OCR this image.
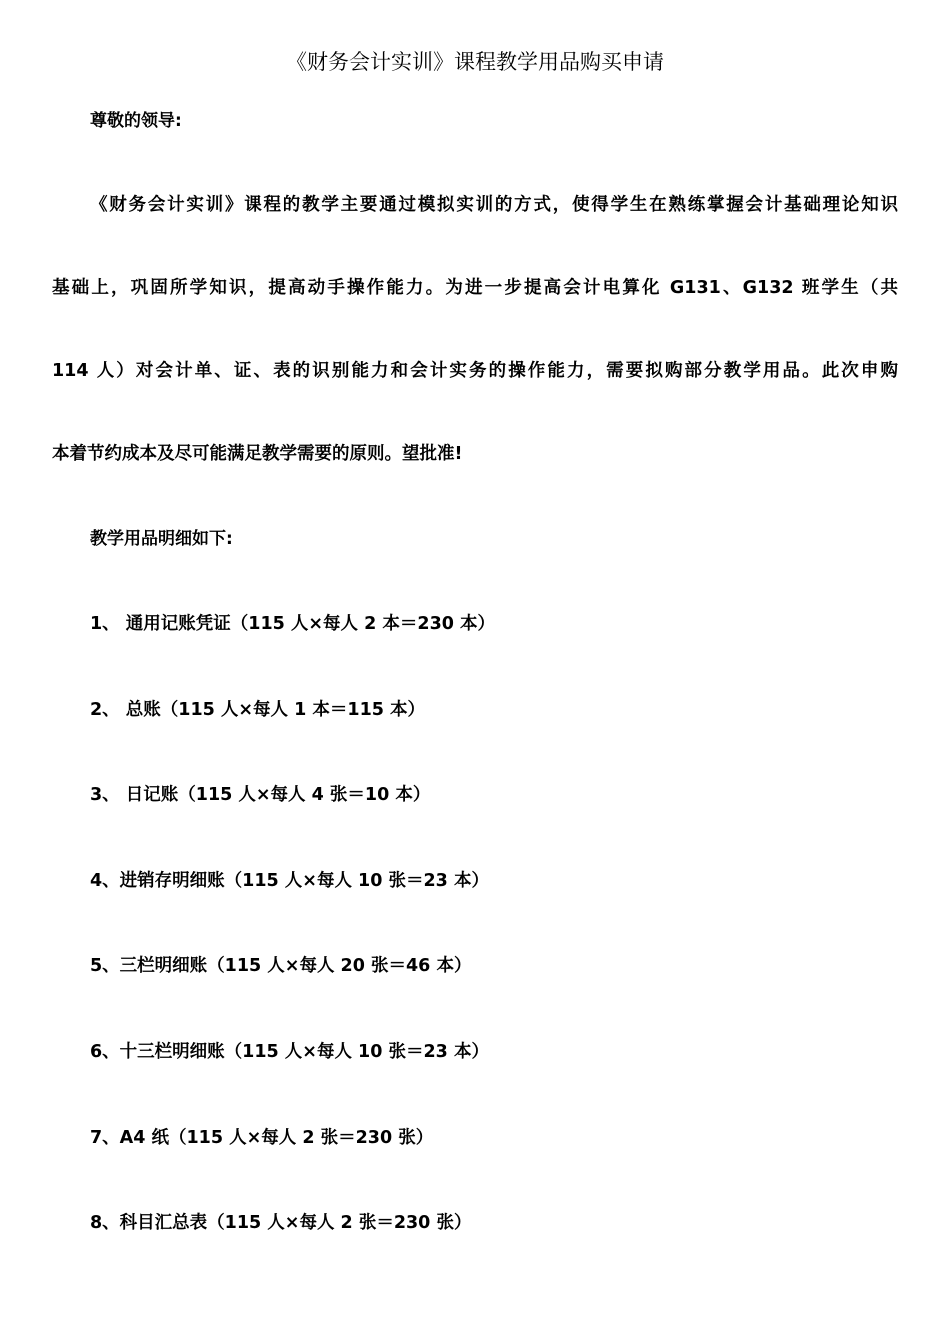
《财务会计实训》课程教学用品购买申请
尊敬的领导:
《财务会计实训》课程的教学主要通过模拟实训的方式，使得学生在熟练掌握会计基础理论知识
基础上，巩固所学知识，提高动手操作能力。为进一步提高会计电算化 G131、G132 班学生（共
114 人）对会计单、证、表的识别能力和会计实务的操作能力，需要拟购部分教学用品。此次申购
本着节约成本及尽可能满足教学需要的原则。望批准!
教学用品明细如下:
1、 通用记账凭证（115 人×每人 2 本＝230 本）
2、 总账（115 人×每人 1 本＝115 本）
3、 日记账（115 人×每人 4 张＝10 本）
4、进销存明细账（115 人×每人 10 张＝23 本）
5、三栏明细账（115 人×每人 20 张＝46 本）
6、十三栏明细账（115 人×每人 10 张＝23 本）
7、A4 纸（115 人×每人 2 张＝230 张）
8、科目汇总表（115 人×每人 2 张＝230 张）
